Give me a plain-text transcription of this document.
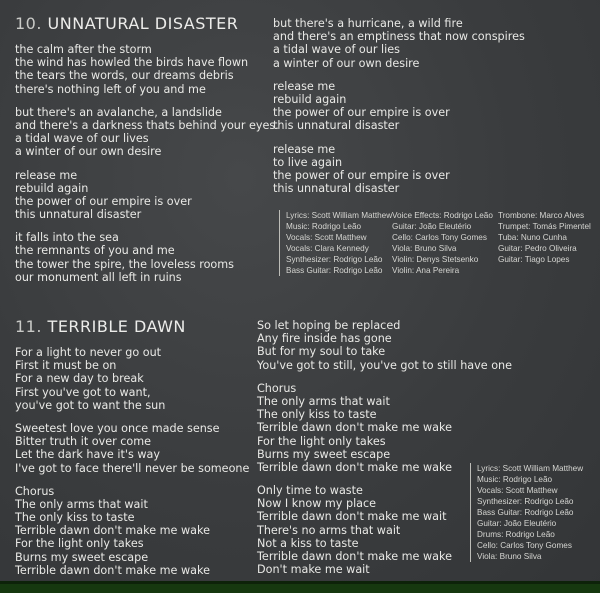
10. UNNATURAL DISASTER
the calm after the storm
the wind has howled the birds have flown
the tears the words, our dreams debris
there's nothing left of you and me
but there's an avalanche, a landslide
and there's a darkness thats behind your eyes.
a tidal wave of our lives
a winter of our own desire
release me
rebuild again
the power of our empire is over
this unnatural disaster
it falls into the sea
the remnants of you and me
the tower the spire, the loveless rooms
our monument all left in ruins
but there's a hurricane, a wild fire
and there's an emptiness that now conspires
a tidal wave of our lies
a winter of our own desire
release me
rebuild again
the power of our empire is over
this unnatural disaster
release me
to live again
the power of our empire is over
this unnatural disaster
Lyrics: Scott William Matthew
Music: Rodrigo Leão
Vocals: Scott Matthew
Vocals: Clara Kennedy
Synthesizer: Rodrigo Leão
Bass Guitar: Rodrigo Leão
Voice Effects: Rodrigo Leão
Guitar: João Eleutério
Cello: Carlos Tony Gomes
Viola: Bruno Silva
Violin: Denys Stetsenko
Violin: Ana Pereira
Trombone: Marco Alves
Trumpet: Tomás Pimentel
Tuba: Nuno Cunha
Guitar: Pedro Oliveira
Guitar: Tiago Lopes
11. TERRIBLE DAWN
For a light to never go out
First it must be on
For a new day to break
First you've got to want,
you've got to want the sun
Sweetest love you once made sense
Bitter truth it over come
Let the dark have it's way
I've got to face there'll never be someone
Chorus
The only arms that wait
The only kiss to taste
Terrible dawn don't make me wake
For the light only takes
Burns my sweet escape
Terrible dawn don't make me wake
So let hoping be replaced
Any fire inside has gone
But for my soul to take
You've got to still, you've got to still have one
Chorus
The only arms that wait
The only kiss to taste
Terrible dawn don't make me wake
For the light only takes
Burns my sweet escape
Terrible dawn don't make me wake
Only time to waste
Now I know my place
Terrible dawn don't make me wait
There's no arms that wait
Not a kiss to taste
Terrible dawn don't make me wake
Don't make me wait
Lyrics: Scott William Matthew
Music: Rodrigo Leão
Vocals: Scott Matthew
Synthesizer: Rodrigo Leão
Bass Guitar: Rodrigo Leão
Guitar: João Eleutério
Drums: Rodrigo Leão
Cello: Carlos Tony Gomes
Viola: Bruno Silva
